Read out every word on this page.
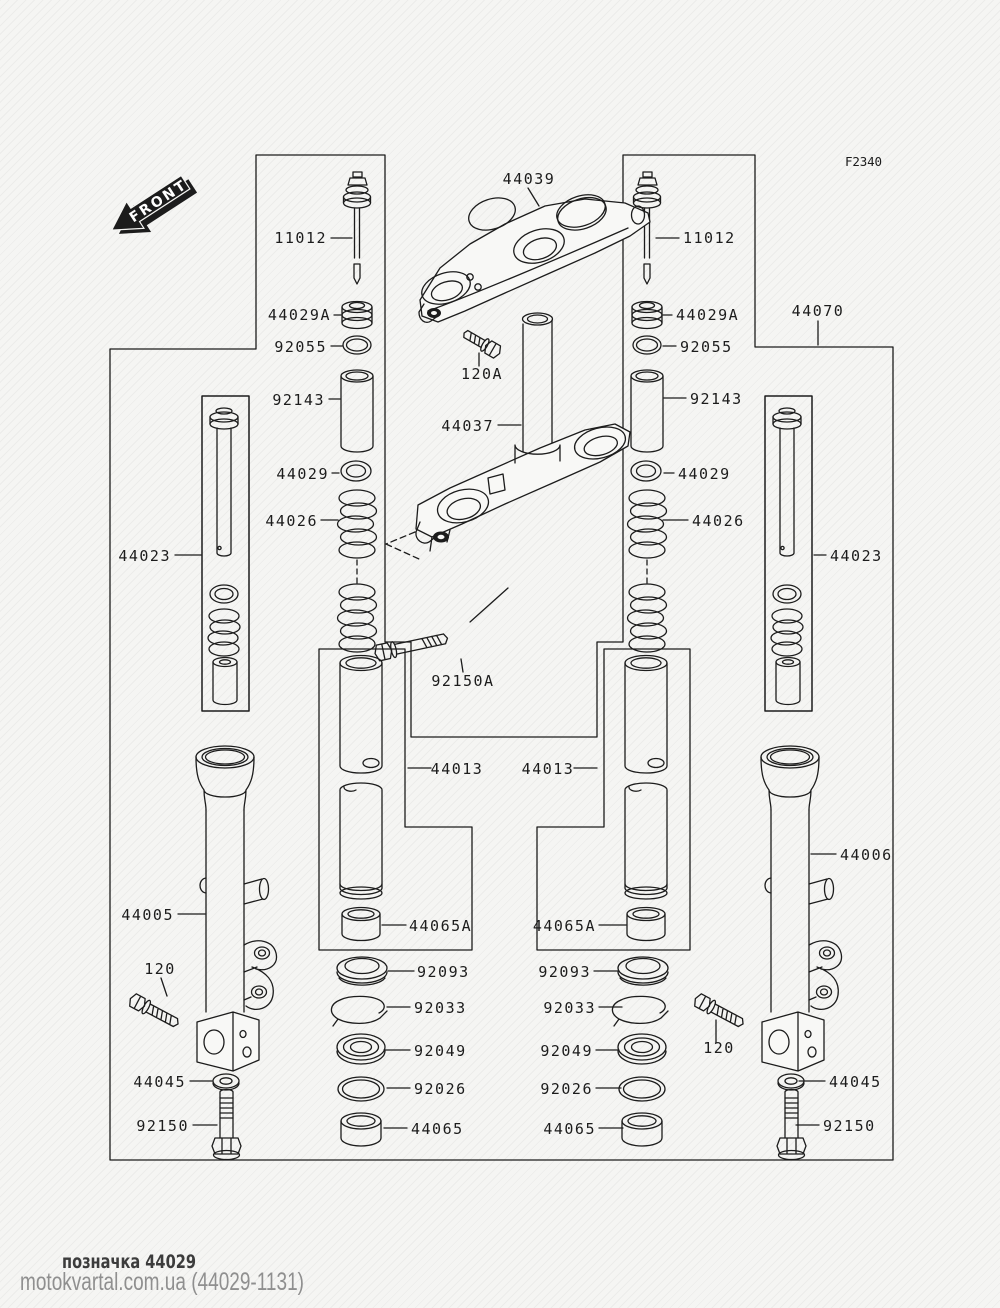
FRONT
F2340
44039
44037
120A
92150A
44070
11012	11012
44029A	44029A
92055	92055
92143	92143
44029	44029
44026	44026
44023	44023
44013	44013
44065A	44065A
92093	92093
92033	92033
92049	92049
92026	92026
44065	44065
44005
44006
120
120
44045	44045
92150	92150
позначка 44029
motokvartal.com.ua (44029-1131)
